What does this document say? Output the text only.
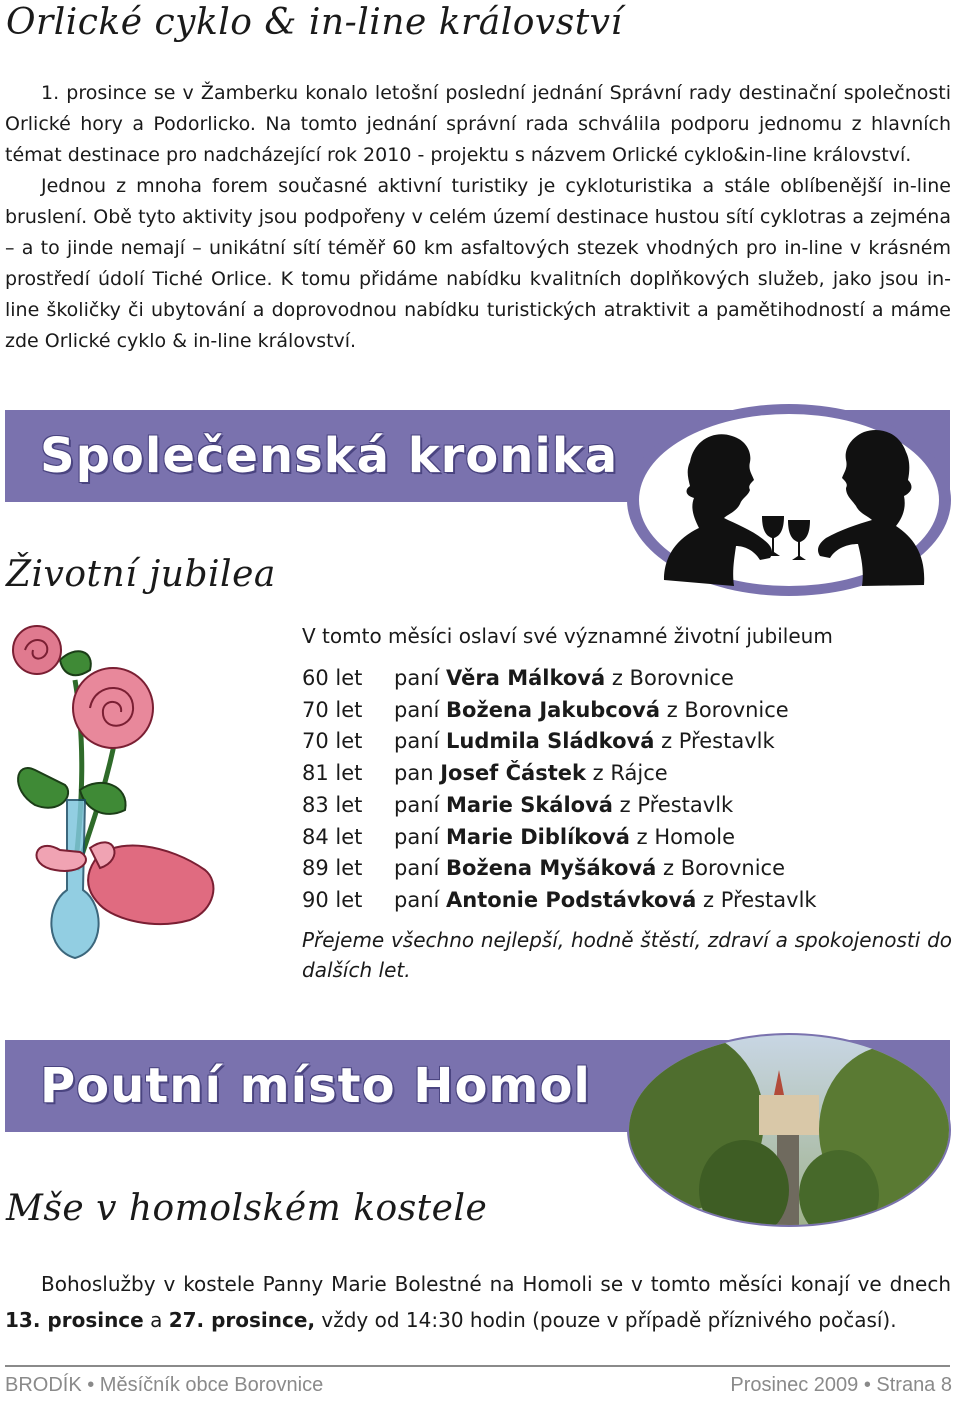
Orlické cyklo & in-line království

1. prosince se v Žamberku konalo letošní poslední jednání Správní rady destinační společnosti Orlické hory a Podorlicko. Na tomto jednání správní rada schválila podporu jednomu z hlavních témat destinace pro nadcházející rok 2010 - projektu s názvem Orlické cyklo&in-line království.

Jednou z mnoha forem současné aktivní turistiky je cykloturistika a stále oblíbenější in-line bruslení. Obě tyto aktivity jsou podpořeny v celém území destinace hustou sítí cyklotras a zejména – a to jinde nemají – unikátní sítí téměř 60 km asfaltových stezek vhodných pro in-line v krásném prostředí údolí Tiché Orlice. K tomu přidáme nabídku kvalitních doplňkových služeb, jako jsou in-line školičky či ubytování a doprovodnou nabídku turistických atraktivit a pamětihodností a máme zde Orlické cyklo & in-line království.

Společenská kronika
Životní jubilea
V tomto měsíci oslaví své významné životní jubileum
60 let paní Věra Málková z Borovnice
70 let paní Božena Jakubcová z Borovnice
70 let paní Ludmila Sládková z Přestavlk
81 let pan Josef Částek z Rájce
83 let paní Marie Skálová z Přestavlk
84 let paní Marie Diblíková z Homole
89 let paní Božena Myšáková z Borovnice
90 let paní Antonie Podstávková z Přestavlk
Přejeme všechno nejlepší, hodně štěstí, zdraví a spokojenosti do dalších let.
Poutní místo Homol
Mše v homolském kostele
Bohoslužby v kostele Panny Marie Bolestné na Homoli se v tomto měsíci konají ve dnech 13. prosince a 27. prosince, vždy od 14:30 hodin (pouze v případě příznivého počasí).
BRODÍK • Měsíčník obce Borovnice	Prosinec 2009 • Strana 8
